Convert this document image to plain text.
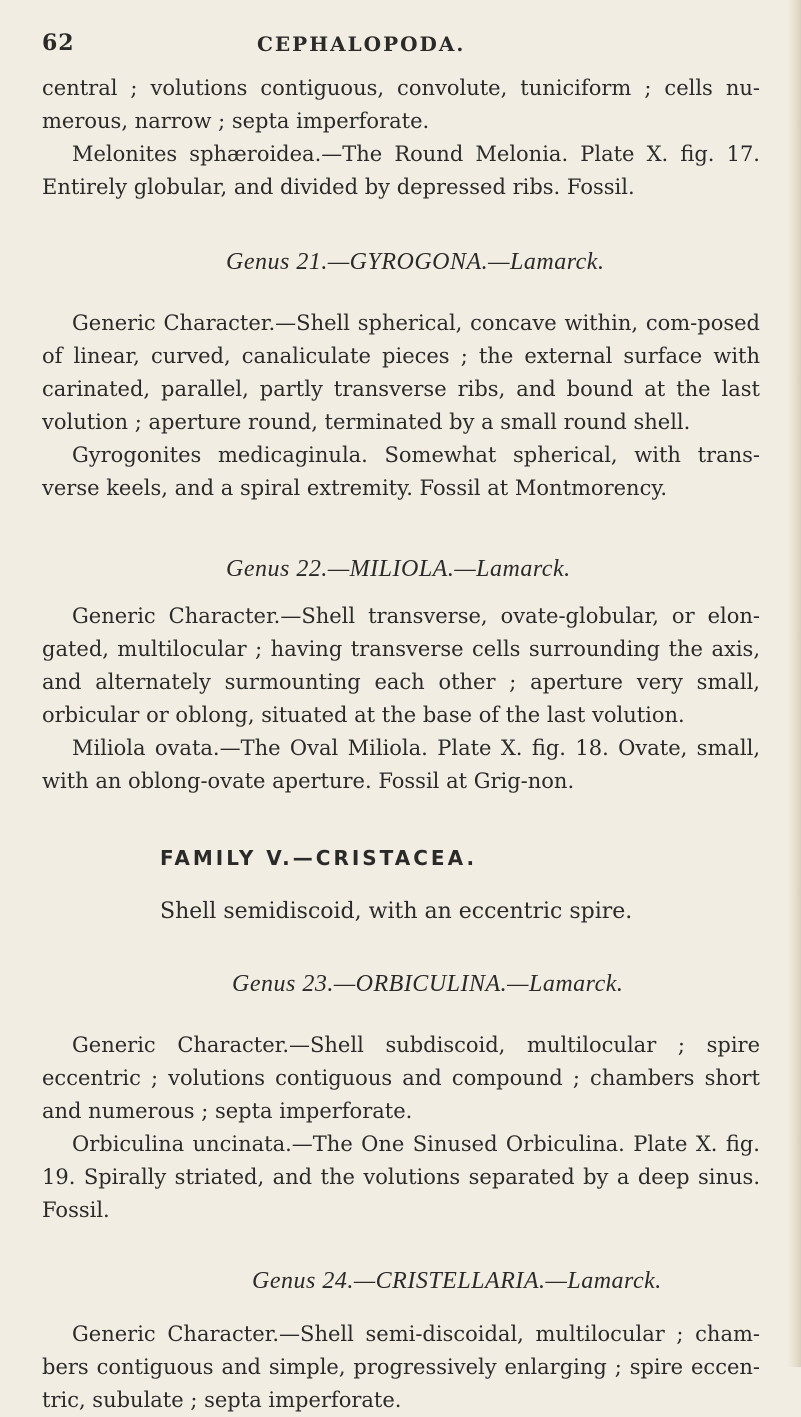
62	CEPHALOPODA.

central ; volutions contiguous, convolute, tuniciform ; cells nu-merous, narrow ; septa imperforate.

Melonites sphæroidea.—The Round Melonia. Plate X. fig. 17. Entirely globular, and divided by depressed ribs. Fossil.

Genus 21.—GYROGONA.—Lamarck.

Generic Character.—Shell spherical, concave within, com-posed of linear, curved, canaliculate pieces ; the external surface with carinated, parallel, partly transverse ribs, and bound at the last volution ; aperture round, terminated by a small round shell.

Gyrogonites medicaginula. Somewhat spherical, with trans-verse keels, and a spiral extremity. Fossil at Montmorency.

Genus 22.—MILIOLA.—Lamarck.

Generic Character.—Shell transverse, ovate-globular, or elon-gated, multilocular ; having transverse cells surrounding the axis, and alternately surmounting each other ; aperture very small, orbicular or oblong, situated at the base of the last volution.

Miliola ovata.—The Oval Miliola. Plate X. fig. 18. Ovate, small, with an oblong-ovate aperture. Fossil at Grig-non.

FAMILY V.—CRISTACEA.
Shell semidiscoid, with an eccentric spire.
Genus 23.—ORBICULINA.—Lamarck.

Generic Character.—Shell subdiscoid, multilocular ; spire eccentric ; volutions contiguous and compound ; chambers short and numerous ; septa imperforate.

Orbiculina uncinata.—The One Sinused Orbiculina. Plate X. fig. 19. Spirally striated, and the volutions separated by a deep sinus. Fossil.

Genus 24.—CRISTELLARIA.—Lamarck.

Generic Character.—Shell semi-discoidal, multilocular ; cham-bers contiguous and simple, progressively enlarging ; spire eccen-tric, subulate ; septa imperforate.
